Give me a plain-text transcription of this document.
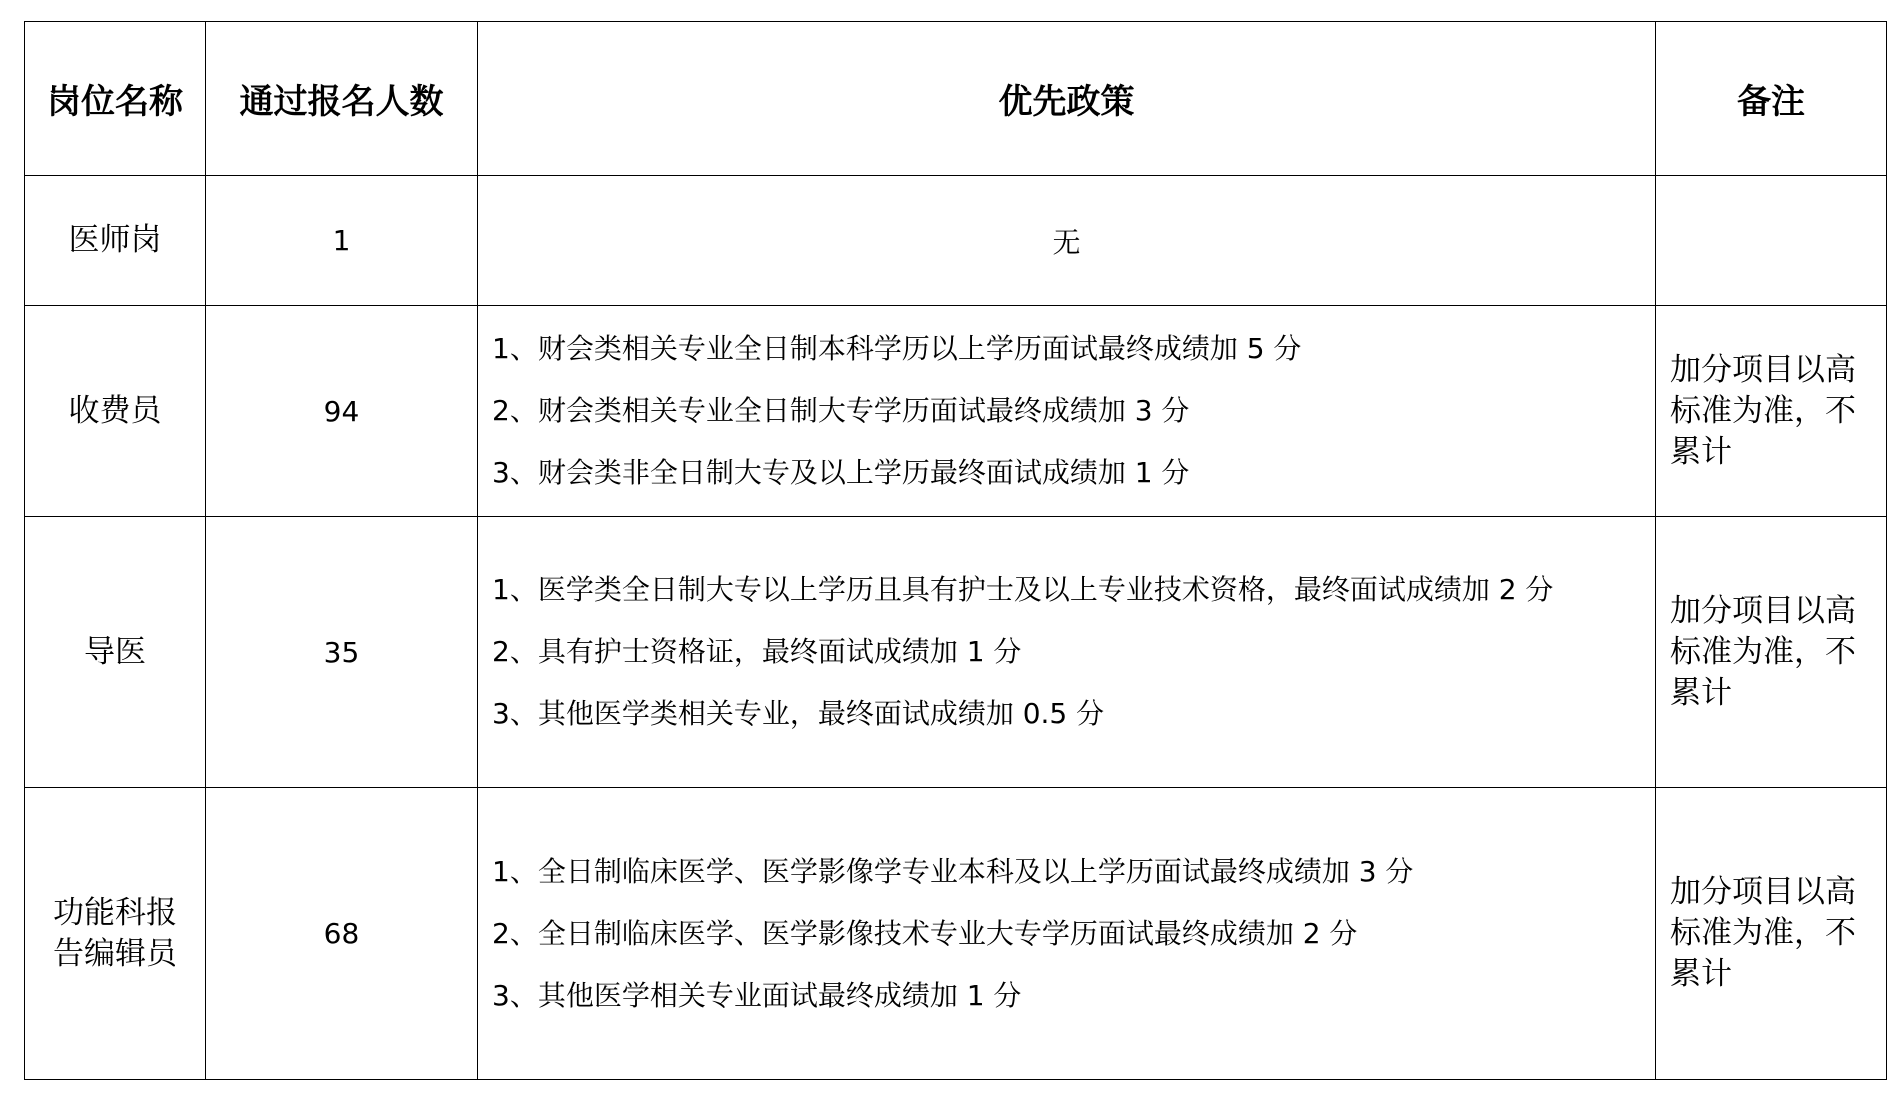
岗位名称	通过报名人数	优先政策	备注
医师岗	1	无	

收费员	94	1、财会类相关专业全日制本科学历以上学历面试最终成绩加 5 分
2、财会类相关专业全日制大专学历面试最终成绩加 3 分
3、财会类非全日制大专及以上学历最终面试成绩加 1 分	加分项目以高标准为准，不累计

导医	35	1、医学类全日制大专以上学历且具有护士及以上专业技术资格，最终面试成绩加 2 分
2、具有护士资格证，最终面试成绩加 1 分
3、其他医学类相关专业，最终面试成绩加 0.5 分	加分项目以高标准为准，不累计

功能科报告编辑员	68	1、全日制临床医学、医学影像学专业本科及以上学历面试最终成绩加 3 分
2、全日制临床医学、医学影像技术专业大专学历面试最终成绩加 2 分
3、其他医学相关专业面试最终成绩加 1 分	加分项目以高标准为准，不累计
